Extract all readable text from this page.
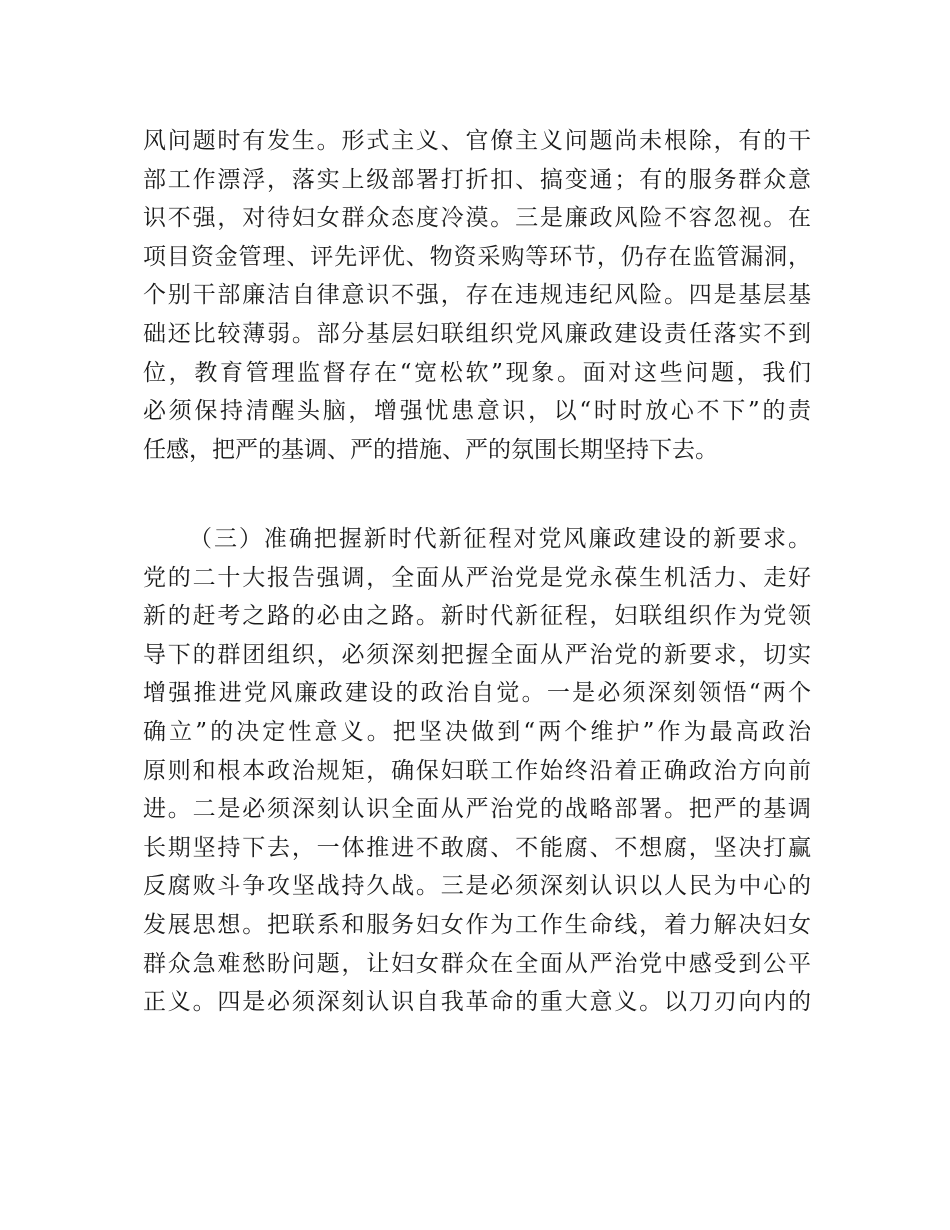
风问题时有发生。形式主义、官僚主义问题尚未根除，有的干
部工作漂浮，落实上级部署打折扣、搞变通；有的服务群众意
识不强，对待妇女群众态度冷漠。三是廉政风险不容忽视。在
项目资金管理、评先评优、物资采购等环节，仍存在监管漏洞，
个别干部廉洁自律意识不强，存在违规违纪风险。四是基层基
础还比较薄弱。部分基层妇联组织党风廉政建设责任落实不到
位，教育管理监督存在“宽松软”现象。面对这些问题，我们
必须保持清醒头脑，增强忧患意识，以“时时放心不下”的责
任感，把严的基调、严的措施、严的氛围长期坚持下去。
（三）准确把握新时代新征程对党风廉政建设的新要求。
党的二十大报告强调，全面从严治党是党永葆生机活力、走好
新的赶考之路的必由之路。新时代新征程，妇联组织作为党领
导下的群团组织，必须深刻把握全面从严治党的新要求，切实
增强推进党风廉政建设的政治自觉。一是必须深刻领悟“两个
确立”的决定性意义。把坚决做到“两个维护”作为最高政治
原则和根本政治规矩，确保妇联工作始终沿着正确政治方向前
进。二是必须深刻认识全面从严治党的战略部署。把严的基调
长期坚持下去，一体推进不敢腐、不能腐、不想腐，坚决打赢
反腐败斗争攻坚战持久战。三是必须深刻认识以人民为中心的
发展思想。把联系和服务妇女作为工作生命线，着力解决妇女
群众急难愁盼问题，让妇女群众在全面从严治党中感受到公平
正义。四是必须深刻认识自我革命的重大意义。以刀刃向内的
